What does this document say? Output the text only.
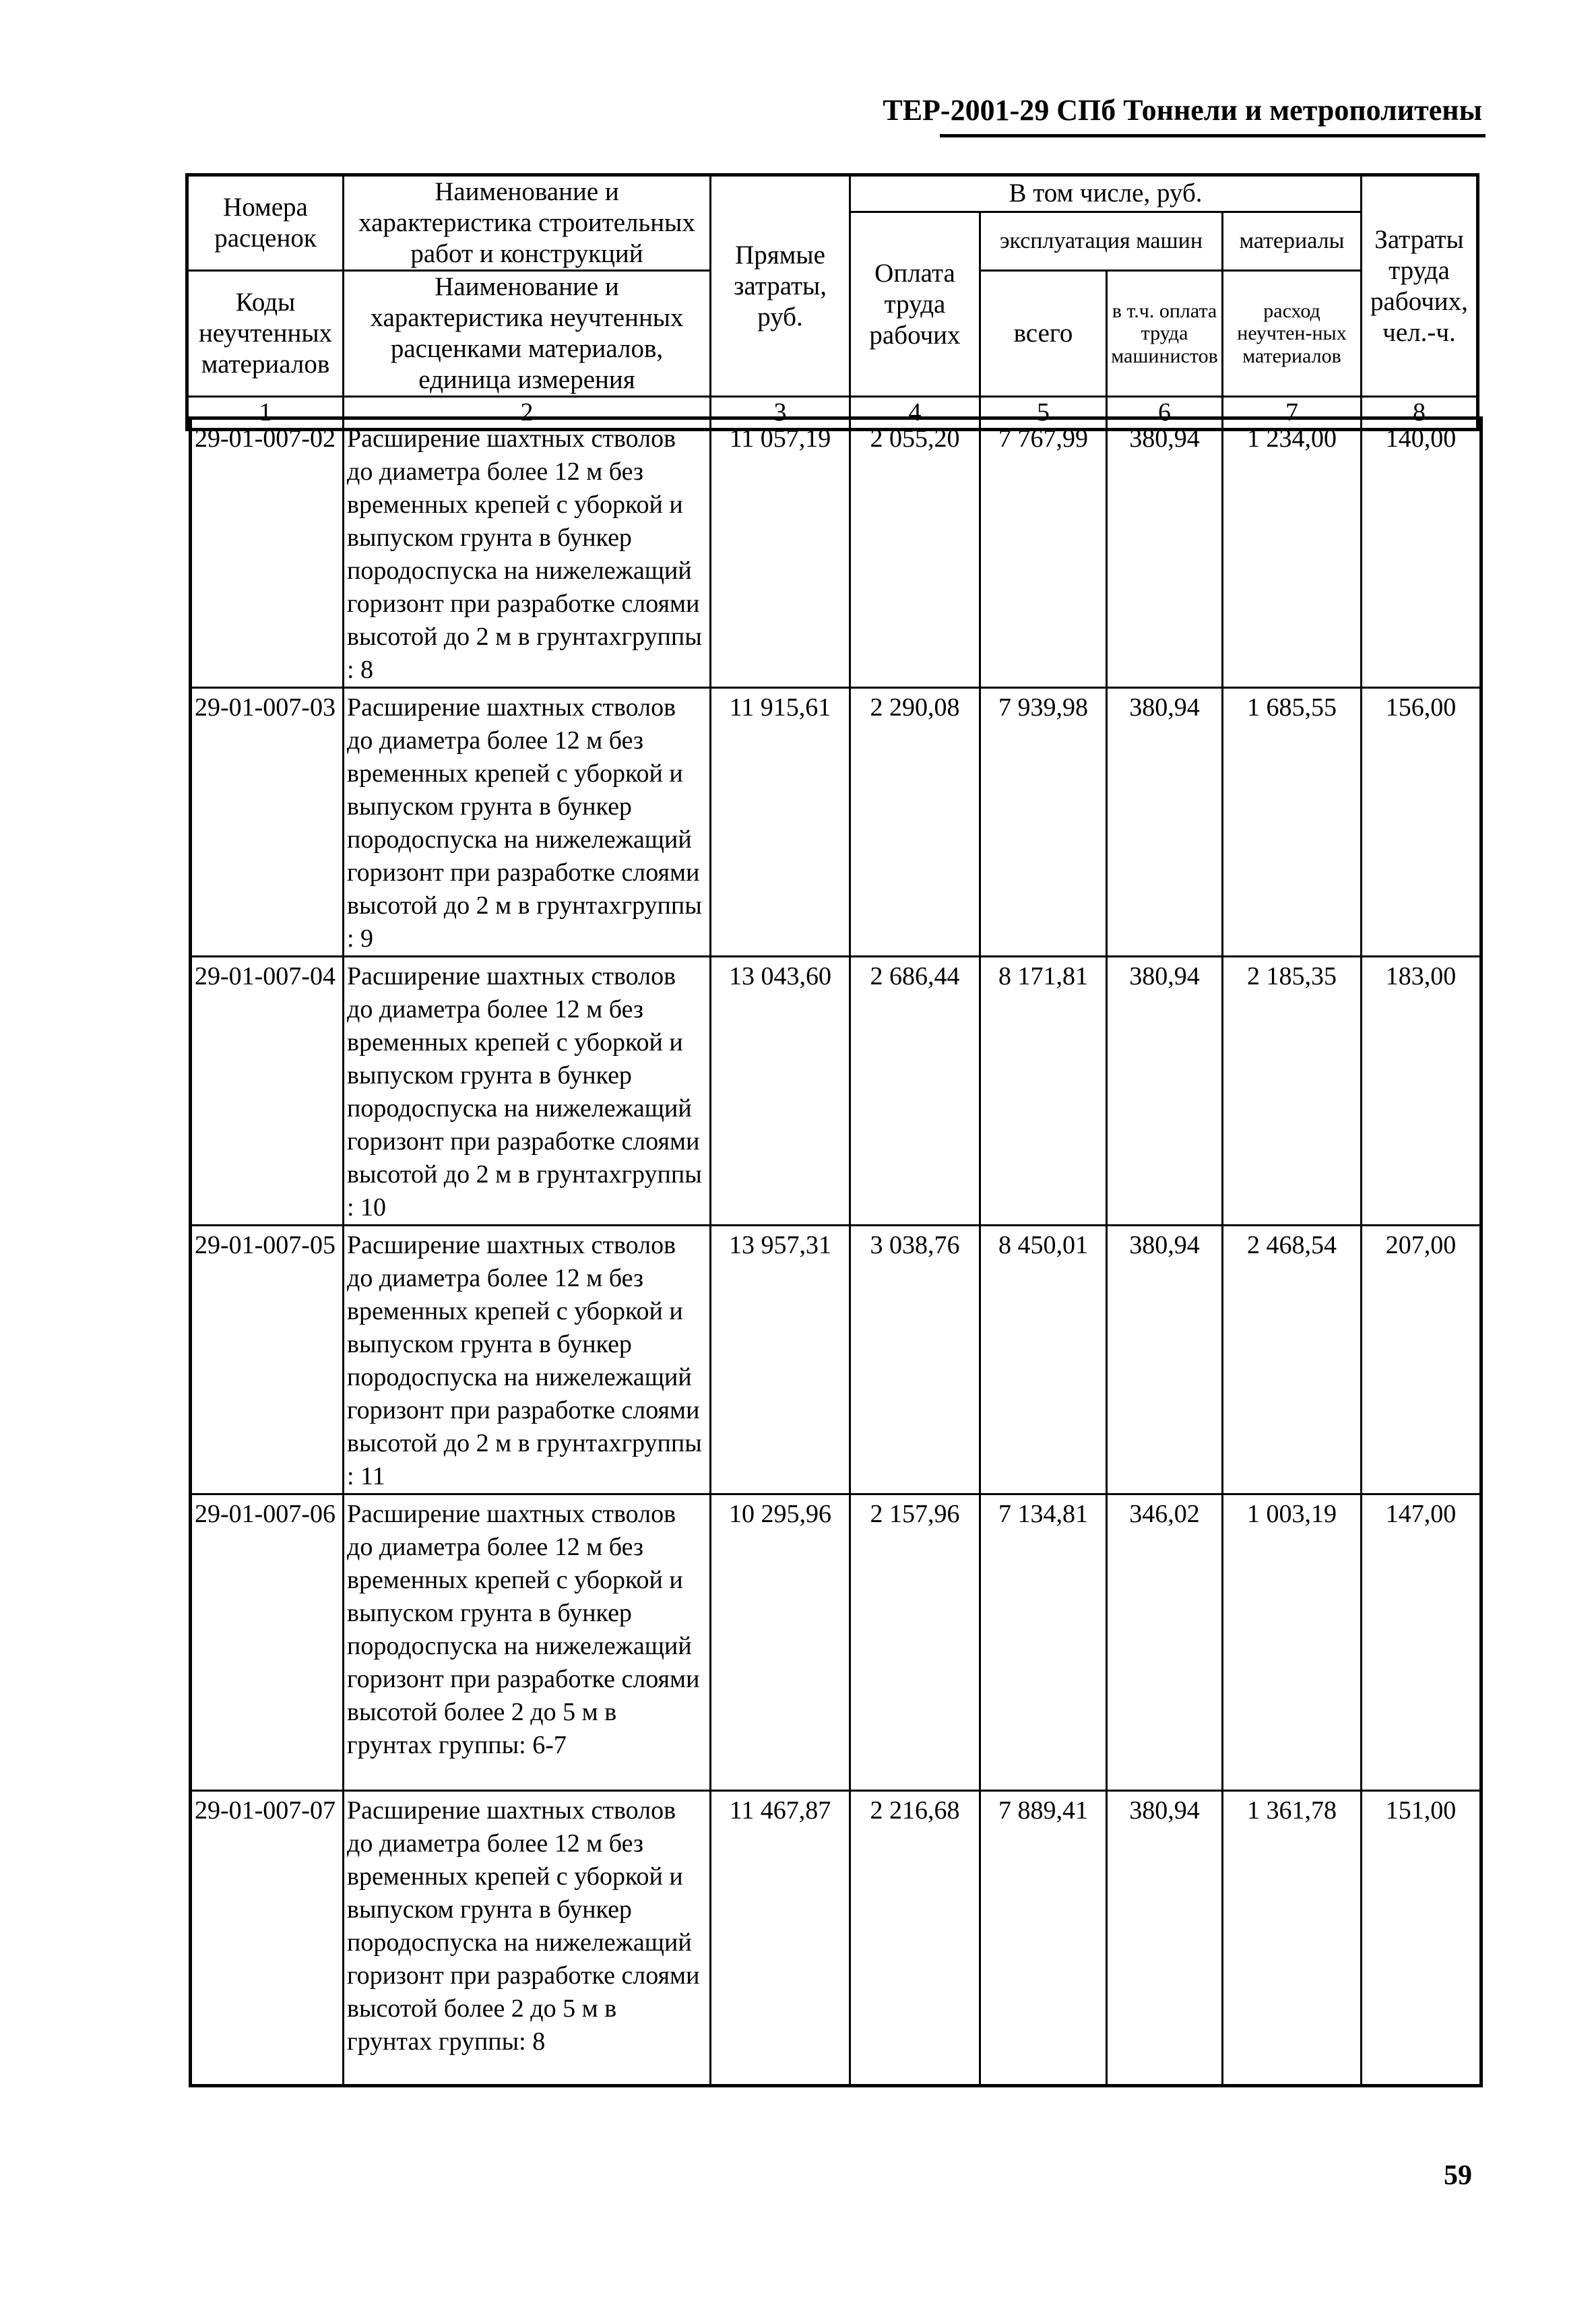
ТЕР-2001-29 СПб Тоннели и метрополитены
Номера расценок	Наименование и характеристика строительных работ и конструкций	Прямые затраты, руб.	В том числе, руб.				Затраты труда рабочих, чел.-ч.
			Оплата труда рабочих	эксплуатация машин		материалы	
Коды неучтенных материалов	Наименование и характеристика неучтенных расценками материалов, единица измерения			всего	в т.ч. оплата труда машинистов	расход неучтен-ных материалов	

1	2	3	4	5	6	7	8
29-01-007-02	Расширение шахтных стволов до диаметра более 12 м без временных крепей с уборкой и выпуском грунта в бункер породоспуска на нижележащий горизонт при разработке слоями высотой до 2 м в грунтахгруппы : 8	11 057,19	2 055,20	7 767,99	380,94	1 234,00	140,00
29-01-007-03	Расширение шахтных стволов до диаметра более 12 м без временных крепей с уборкой и выпуском грунта в бункер породоспуска на нижележащий горизонт при разработке слоями высотой до 2 м в грунтахгруппы : 9	11 915,61	2 290,08	7 939,98	380,94	1 685,55	156,00
29-01-007-04	Расширение шахтных стволов до диаметра более 12 м без временных крепей с уборкой и выпуском грунта в бункер породоспуска на нижележащий горизонт при разработке слоями высотой до 2 м в грунтахгруппы : 10	13 043,60	2 686,44	8 171,81	380,94	2 185,35	183,00
29-01-007-05	Расширение шахтных стволов до диаметра более 12 м без временных крепей с уборкой и выпуском грунта в бункер породоспуска на нижележащий горизонт при разработке слоями высотой до 2 м в грунтахгруппы : 11	13 957,31	3 038,76	8 450,01	380,94	2 468,54	207,00
29-01-007-06	Расширение шахтных стволов до диаметра более 12 м без временных крепей с уборкой и выпуском грунта в бункер породоспуска на нижележащий горизонт при разработке слоями высотой более 2 до 5 м в грунтах группы: 6-7	10 295,96	2 157,96	7 134,81	346,02	1 003,19	147,00
29-01-007-07	Расширение шахтных стволов до диаметра более 12 м без временных крепей с уборкой и выпуском грунта в бункер породоспуска на нижележащий горизонт при разработке слоями высотой более 2 до 5 м в грунтах группы: 8	11 467,87	2 216,68	7 889,41	380,94	1 361,78	151,00
59
